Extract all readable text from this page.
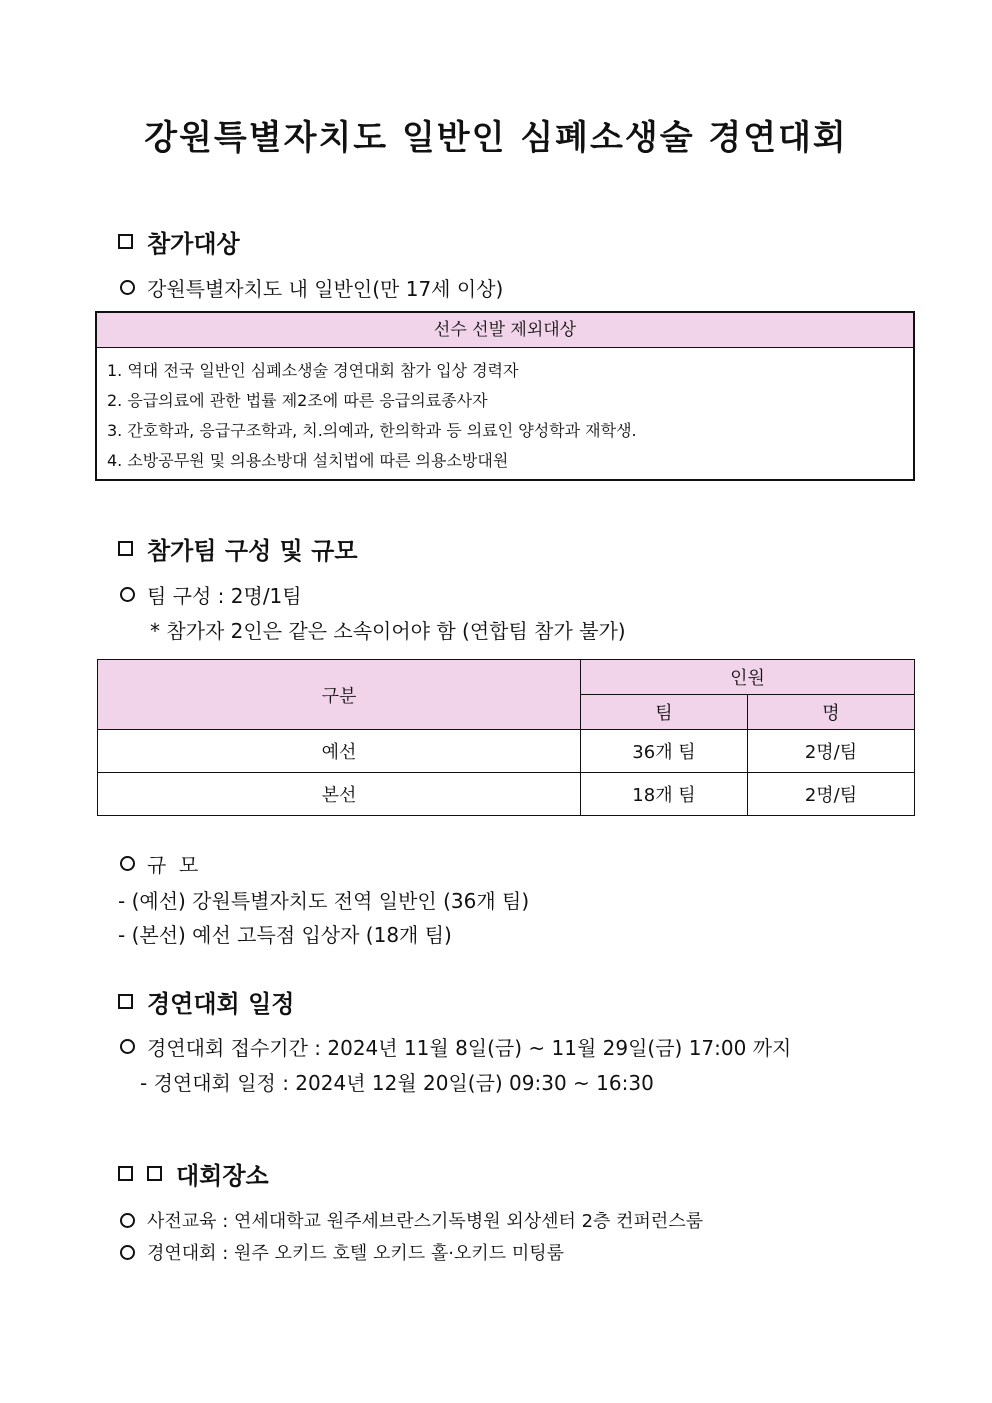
강원특별자치도 일반인 심폐소생술 경연대회
참가대상
강원특별자치도 내 일반인(만 17세 이상)
선수 선발 제외대상
1. 역대 전국 일반인 심폐소생술 경연대회 참가 입상 경력자
2. 응급의료에 관한 법률 제2조에 따른 응급의료종사자
3. 간호학과, 응급구조학과, 치.의예과, 한의학과 등 의료인 양성학과 재학생.
4. 소방공무원 및 의용소방대 설치법에 따른 의용소방대원
참가팀 구성 및 규모
팀 구성 : 2명/1팀
* 참가자 2인은 같은 소속이어야 함 (연합팀 참가 불가)
구분	인원	
	팀	명
예선	36개 팀	2명/팀
본선	18개 팀	2명/팀
규  모
- (예선) 강원특별자치도 전역 일반인 (36개 팀)
- (본선) 예선 고득점 입상자 (18개 팀)
경연대회 일정
경연대회 접수기간 : 2024년 11월 8일(금) ~ 11월 29일(금) 17:00 까지
- 경연대회 일정 : 2024년 12월 20일(금) 09:30 ~ 16:30
대회장소
사전교육 : 연세대학교 원주세브란스기독병원 외상센터 2층 컨퍼런스룸
경연대회 : 원주 오키드 호텔 오키드 홀·오키드 미팅룸
